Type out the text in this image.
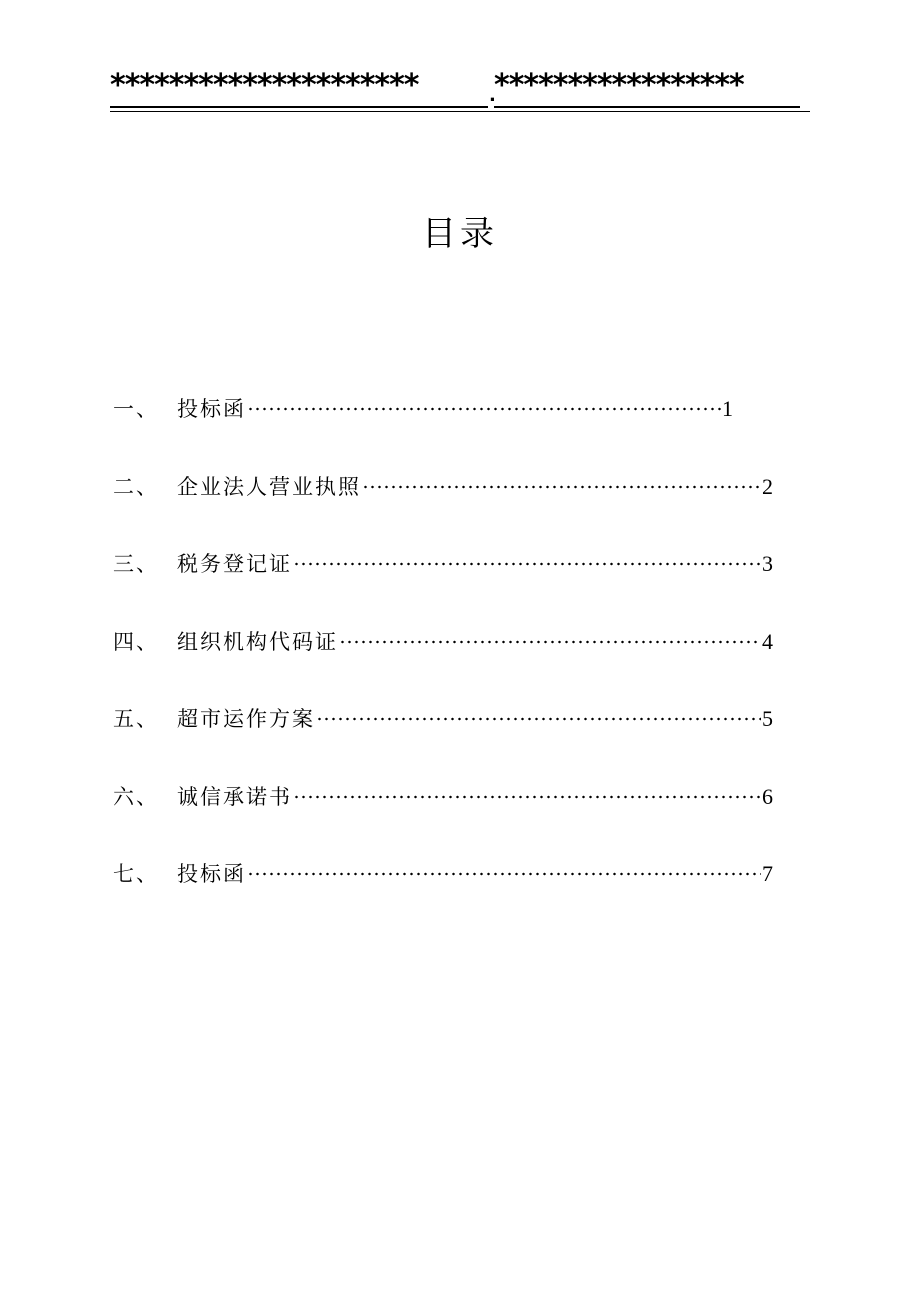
*********************	.
*****************
目录
一、 投标函	1
二、 企业法人营业执照	2
三、 税务登记证	3
四、 组织机构代码证	4
五、 超市运作方案	5
六、 诚信承诺书	6
七、 投标函	7
